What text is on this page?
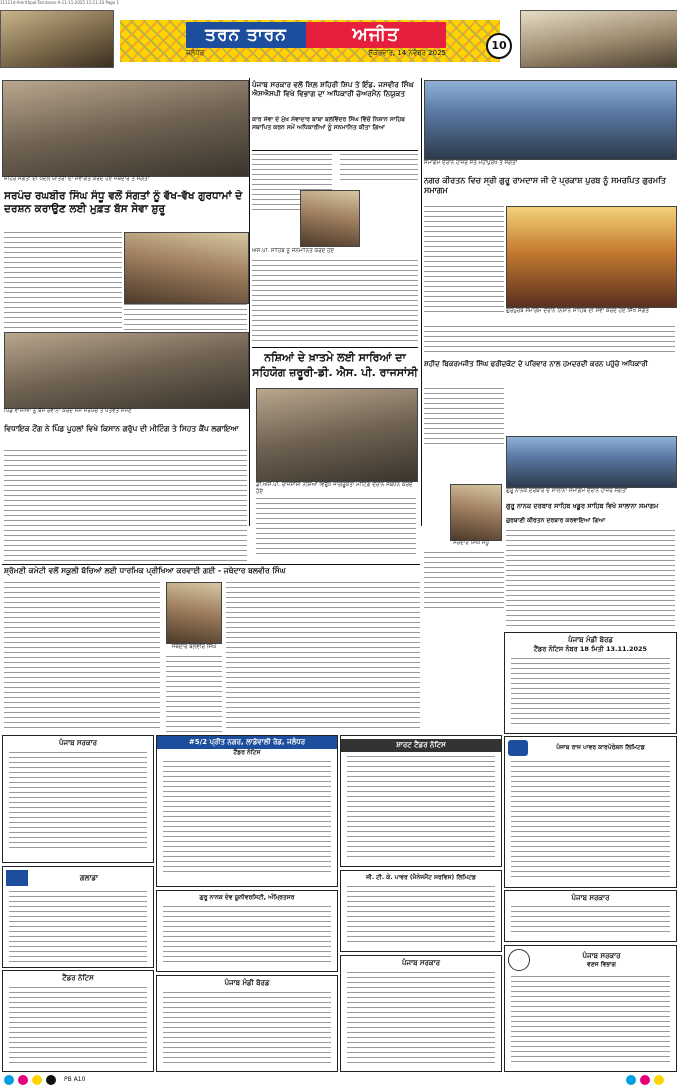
11111d-Amrithpal-Tarntaran-A-11-11-2025 11:11:33 Page 1
ਤਰਨ ਤਾਰਨ	ਅਜੀਤ
ਜਲੰਧਰ	ਸ਼ੁੱਕਰਵਾਰ, 14 ਨਵੰਬਰ 2025
10
ਸ਼ਹਿਰ ਸੰਗਤਾਂ ਦੀ ਪੈਦਲ ਯਾਤਰਾ ਦਾ ਸਵਾਗਤ ਕਰਦੇ ਹੋਏ ਜਥੇਦਾਰ ਤੇ ਸੰਗਤਾਂ
ਪੰਜਾਬ ਸਰਕਾਰ ਵਲੋਂ ਸ਼ਿਲ਼ ਸ਼ਹਿਰੀ ਸ਼ਿਪ ਤੇ ਇੰਡ. ਜਸਵੀਰ ਸਿੰਘ ਐਸਐਸਪੀ ਵਿਖੇ ਵਿਭਾਗ ਦਾ ਅਧਿਕਾਰੀ ਚੇਅਰਮੈਨ ਨਿਯੁਕਤ
ਕਾਰ ਸੇਵਾ ਦੇ ਮੁੱਖ ਸੇਵਾਦਾਰ ਬਾਬਾ ਬਲਵਿੰਦਰ ਸਿੰਘ ਵਿੱਚੋਂ ਨਿਸ਼ਾਨ ਸਾਹਿਬ ਸਥਾਪਿਤ ਕਰਨ ਸਮੇਂ ਅਧਿਕਾਰੀਆਂ ਨੂੰ ਸਨਮਾਨਿਤ ਕੀਤਾ ਗਿਆ
ਸਮਾਗਮ ਦੌਰਾਨ ਹਾਜ਼ਰ ਸੰਤ ਮਹਾਂਪੁਰਖ ਤੇ ਸੰਗਤਾਂ
ਸਰਪੰਚ ਰਘਬੀਰ ਸਿੰਘ ਸੰਧੂ ਵਲੋਂ ਸੰਗਤਾਂ ਨੂੰ ਵੱਖ-ਵੱਖ ਗੁਰਧਾਮਾਂ ਦੇ ਦਰਸ਼ਨ ਕਰਾਉਣ ਲਈ ਮੁਫ਼ਤ ਬੱਸ ਸੇਵਾ ਸ਼ੁਰੂ
ਪਿੰਡ ਵਾਸੀਆਂ ਨੂੰ ਬੱਸ ਰਵਾਨਾ ਕਰਦੇ ਸਮੇਂ ਸਰਪੰਚ ਤੇ ਪਤਵੰਤੇ ਸੱਜਣ
ਐਸ.ਪੀ. ਸਾਹਿਬ ਨੂੰ ਸਨਮਾਨਿਤ ਕਰਦੇ ਹੋਏ
ਨਗਰ ਕੀਰਤਨ ਵਿਚ ਸ੍ਰੀ ਗੁਰੂ ਰਾਮਦਾਸ ਜੀ ਦੇ ਪ੍ਰਕਾਸ਼ ਪੁਰਬ ਨੂੰ ਸਮਰਪਿਤ ਗੁਰਮਤਿ ਸਮਾਗਮ
ਗੁਰਪੁਰਬ ਸਮਾਗਮ ਦੌਰਾਨ ਨਿਸ਼ਾਨ ਸਾਹਿਬ ਦੀ ਸੇਵਾ ਕਰਦੇ ਹੋਏ ਸਿੱਖ ਸੰਗਤ
ਨਸ਼ਿਆਂ ਦੇ ਖ਼ਾਤਮੇ ਲਈ ਸਾਰਿਆਂ ਦਾ ਸਹਿਯੋਗ ਜ਼ਰੂਰੀ-ਡੀ. ਐਸ. ਪੀ. ਰਾਜਸਾਂਸੀ
ਵਿਧਾਇਕ ਟੌਂਗ ਨੇ ਪਿੰਡ ਪੂਹਲਾਂ ਵਿਖੇ ਕਿਸਾਨ ਗਰੁੱਪ ਦੀ ਮੀਟਿੰਗ ਤੇ ਸਿਹਤ ਕੈਂਪ ਲਗਾਇਆ
ਡੀ.ਐਸ.ਪੀ. ਰਾਜਸਾਂਸੀ ਨਸ਼ਿਆਂ ਵਿਰੁੱਧ ਜਾਗਰੂਕਤਾ ਮੀਟਿੰਗ ਦੌਰਾਨ ਸੰਬੋਧਨ ਕਰਦੇ ਹੋਏ
ਸ਼ਹੀਦ ਬਿਕਰਮਜੀਤ ਸਿੰਘ ਫਰੀਦਕੋਟ ਦੇ ਪਰਿਵਾਰ ਨਾਲ ਹਮਦਰਦੀ ਕਰਨ ਪਹੁੰਚੇ ਅਧਿਕਾਰੀ
ਗੁਰੂ ਨਾਨਕ ਦਰਬਾਰ ਦੇ ਸਾਲਾਨਾ ਸਮਾਗਮ ਦੌਰਾਨ ਹਾਜ਼ਰ ਸੰਗਤਾਂ
ਗੁਰੂ ਨਾਨਕ ਦਰਬਾਰ ਸਾਹਿਬ ਖਡੂਰ ਸਾਹਿਬ ਵਿਖੇ ਸਾਲਾਨਾ ਸਮਾਗਮ
ਗੁਰਬਾਣੀ ਕੀਰਤਨ ਦਰਬਾਰ ਕਰਵਾਇਆ ਗਿਆ
ਸਰਦਾਰ ਸਿੰਘ ਸੰਧੂ
ਸ਼੍ਰੋਮਣੀ ਕਮੇਟੀ ਵਲੋਂ ਸਕੂਲੀ ਬੱਚਿਆਂ ਲਈ ਧਾਰਮਿਕ ਪ੍ਰੀਖਿਆ ਕਰਵਾਈ ਗਈ - ਜਥੇਦਾਰ ਬਲਵੀਰ ਸਿੰਘ
ਜਥੇਦਾਰ ਬਲਵੀਰ ਸਿੰਘ
ਪੰਜਾਬ ਸਰਕਾਰ
ਗਲਾਡਾ
ਟੈਂਡਰ ਨੋਟਿਸ
#5/2 ਪ੍ਰੀਤ ਨਗਰ, ਲਾਡੋਵਾਲੀ ਰੋਡ, ਜਲੰਧਰ
ਟੈਂਡਰ ਨੋਟਿਸ
ਗੁਰੂ ਨਾਨਕ ਦੇਵ ਯੂਨੀਵਰਸਿਟੀ, ਅੰਮ੍ਰਿਤਸਰ
ਪੰਜਾਬ ਮੰਡੀ ਬੋਰਡ
ਸ਼ਾਰਟ ਟੈਂਡਰ ਨੋਟਿਸ
ਜੀ. ਟੀ. ਕੇ. ਪਾਵਰ (ਮੈਨੇਜਮੈਂਟ ਸਰਵਿਸ) ਲਿਮਿਟਡ
ਪੰਜਾਬ ਸਰਕਾਰ
ਪੰਜਾਬ ਮੰਡੀ ਬੋਰਡ
ਟੈਂਡਰ ਨੋਟਿਸ ਨੰਬਰ 18 ਮਿਤੀ 13.11.2025
ਪੰਜਾਬ ਰਾਜ ਪਾਵਰ ਕਾਰਪੋਰੇਸ਼ਨ ਲਿਮਿਟਡ
ਪੰਜਾਬ ਸਰਕਾਰ
ਪੰਜਾਬ ਸਰਕਾਰ
ਵਣਜ ਵਿਭਾਗ
PB A10
